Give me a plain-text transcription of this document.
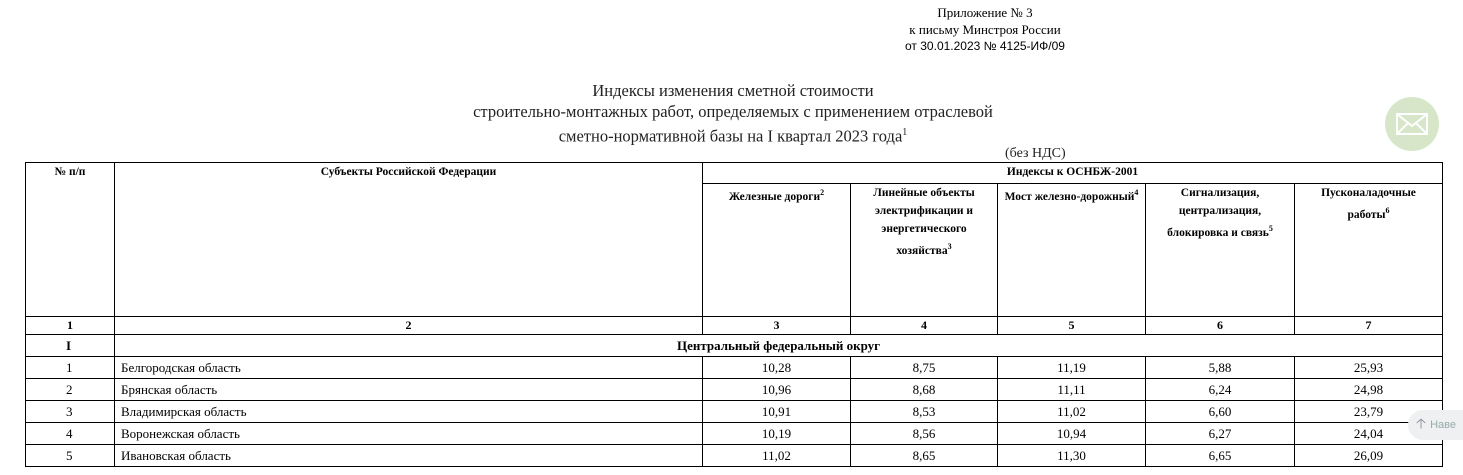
Приложение № 3
к письму Минстроя России
от 30.01.2023 № 4125-ИФ/09
Индексы изменения сметной стоимости
строительно-монтажных работ, определяемых с применением отраслевой
сметно-нормативной базы на I квартал 2023 года$^1$
(без НДС)
№ п/п	Субъекты Российской Федерации	Индексы к ОСНБЖ-2001				
		Железные дороги$^2$	Линейные объекты электрификации и энергетического хозяйства$^3$	Мост железно-дорожный$^4$	Сигнализация, централизация, блокировка и связь$^5$	Пусконаладочные работы$^6$
1	2	3	4	5	6	7
I	Центральный федеральный округ					
1	Белгородская область	10,28	8,75	11,19	5,88	25,93
2	Брянская область	10,96	8,68	11,11	6,24	24,98
3	Владимирская область	10,91	8,53	11,02	6,60	23,79
4	Воронежская область	10,19	8,56	10,94	6,27	24,04
5	Ивановская область	11,02	8,65	11,30	6,65	26,09
🡡 Наве
